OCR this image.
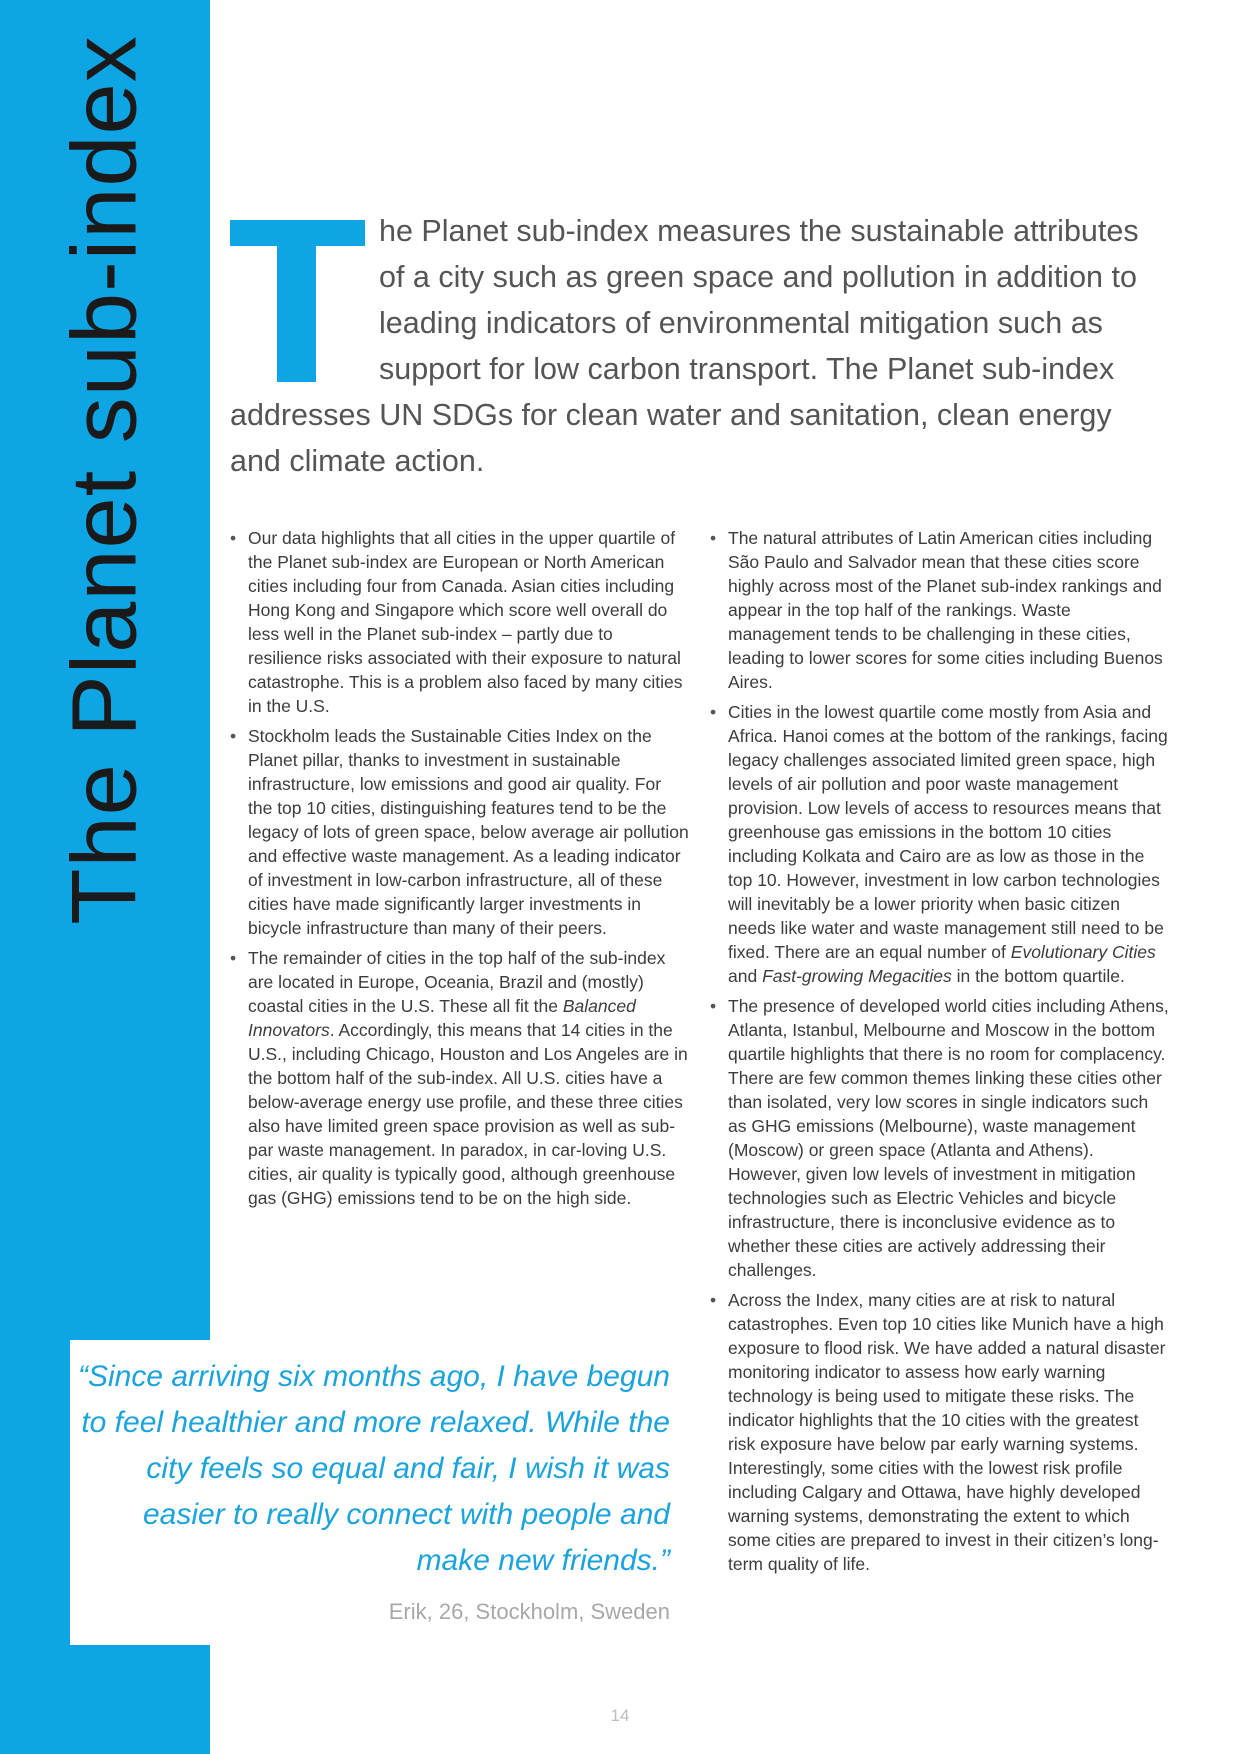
The Planet sub-index	he Planet sub-index measures the sustainable attributes of a city such as green space and pollution in addition to leading indicators of environmental mitigation such as support for low carbon transport. The Planet sub-index addresses UN SDGs for clean water and sanitation, clean energy and climate action.
• Our data highlights that all cities in the upper quartile of the Planet sub-index are European or North American cities including four from Canada. Asian cities including Hong Kong and Singapore which score well overall do less well in the Planet sub-index – partly due to resilience risks associated with their exposure to natural catastrophe. This is a problem also faced by many cities in the U.S.
• Stockholm leads the Sustainable Cities Index on the Planet pillar, thanks to investment in sustainable infrastructure, low emissions and good air quality. For the top 10 cities, distinguishing features tend to be the legacy of lots of green space, below average air pollution and effective waste management. As a leading indicator of investment in low-carbon infrastructure, all of these cities have made significantly larger investments in bicycle infrastructure than many of their peers.
• The remainder of cities in the top half of the sub-index are located in Europe, Oceania, Brazil and (mostly) coastal cities in the U.S. These all fit the Balanced Innovators. Accordingly, this means that 14 cities in the U.S., including Chicago, Houston and Los Angeles are in the bottom half of the sub-index. All U.S. cities have a below-average energy use profile, and these three cities also have limited green space provision as well as sub-par waste management. In paradox, in car-loving U.S. cities, air quality is typically good, although greenhouse gas (GHG) emissions tend to be on the high side.
• The natural attributes of Latin American cities including São Paulo and Salvador mean that these cities score highly across most of the Planet sub-index rankings and appear in the top half of the rankings. Waste management tends to be challenging in these cities, leading to lower scores for some cities including Buenos Aires.
• Cities in the lowest quartile come mostly from Asia and Africa. Hanoi comes at the bottom of the rankings, facing legacy challenges associated limited green space, high levels of air pollution and poor waste management provision. Low levels of access to resources means that greenhouse gas emissions in the bottom 10 cities including Kolkata and Cairo are as low as those in the top 10. However, investment in low carbon technologies will inevitably be a lower priority when basic citizen needs like water and waste management still need to be fixed. There are an equal number of Evolutionary Cities and Fast-growing Megacities in the bottom quartile.
• The presence of developed world cities including Athens, Atlanta, Istanbul, Melbourne and Moscow in the bottom quartile highlights that there is no room for complacency. There are few common themes linking these cities other than isolated, very low scores in single indicators such as GHG emissions (Melbourne), waste management (Moscow) or green space (Atlanta and Athens). However, given low levels of investment in mitigation technologies such as Electric Vehicles and bicycle infrastructure, there is inconclusive evidence as to whether these cities are actively addressing their challenges.
• Across the Index, many cities are at risk to natural catastrophes. Even top 10 cities like Munich have a high exposure to flood risk. We have added a natural disaster monitoring indicator to assess how early warning technology is being used to mitigate these risks. The indicator highlights that the 10 cities with the greatest risk exposure have below par early warning systems. Interestingly, some cities with the lowest risk profile including Calgary and Ottawa, have highly developed warning systems, demonstrating the extent to which some cities are prepared to invest in their citizen’s long-term quality of life.
“Since arriving six months ago, I have begun to feel healthier and more relaxed. While the city feels so equal and fair, I wish it was easier to really connect with people and make new friends.”
Erik, 26, Stockholm, Sweden
14
